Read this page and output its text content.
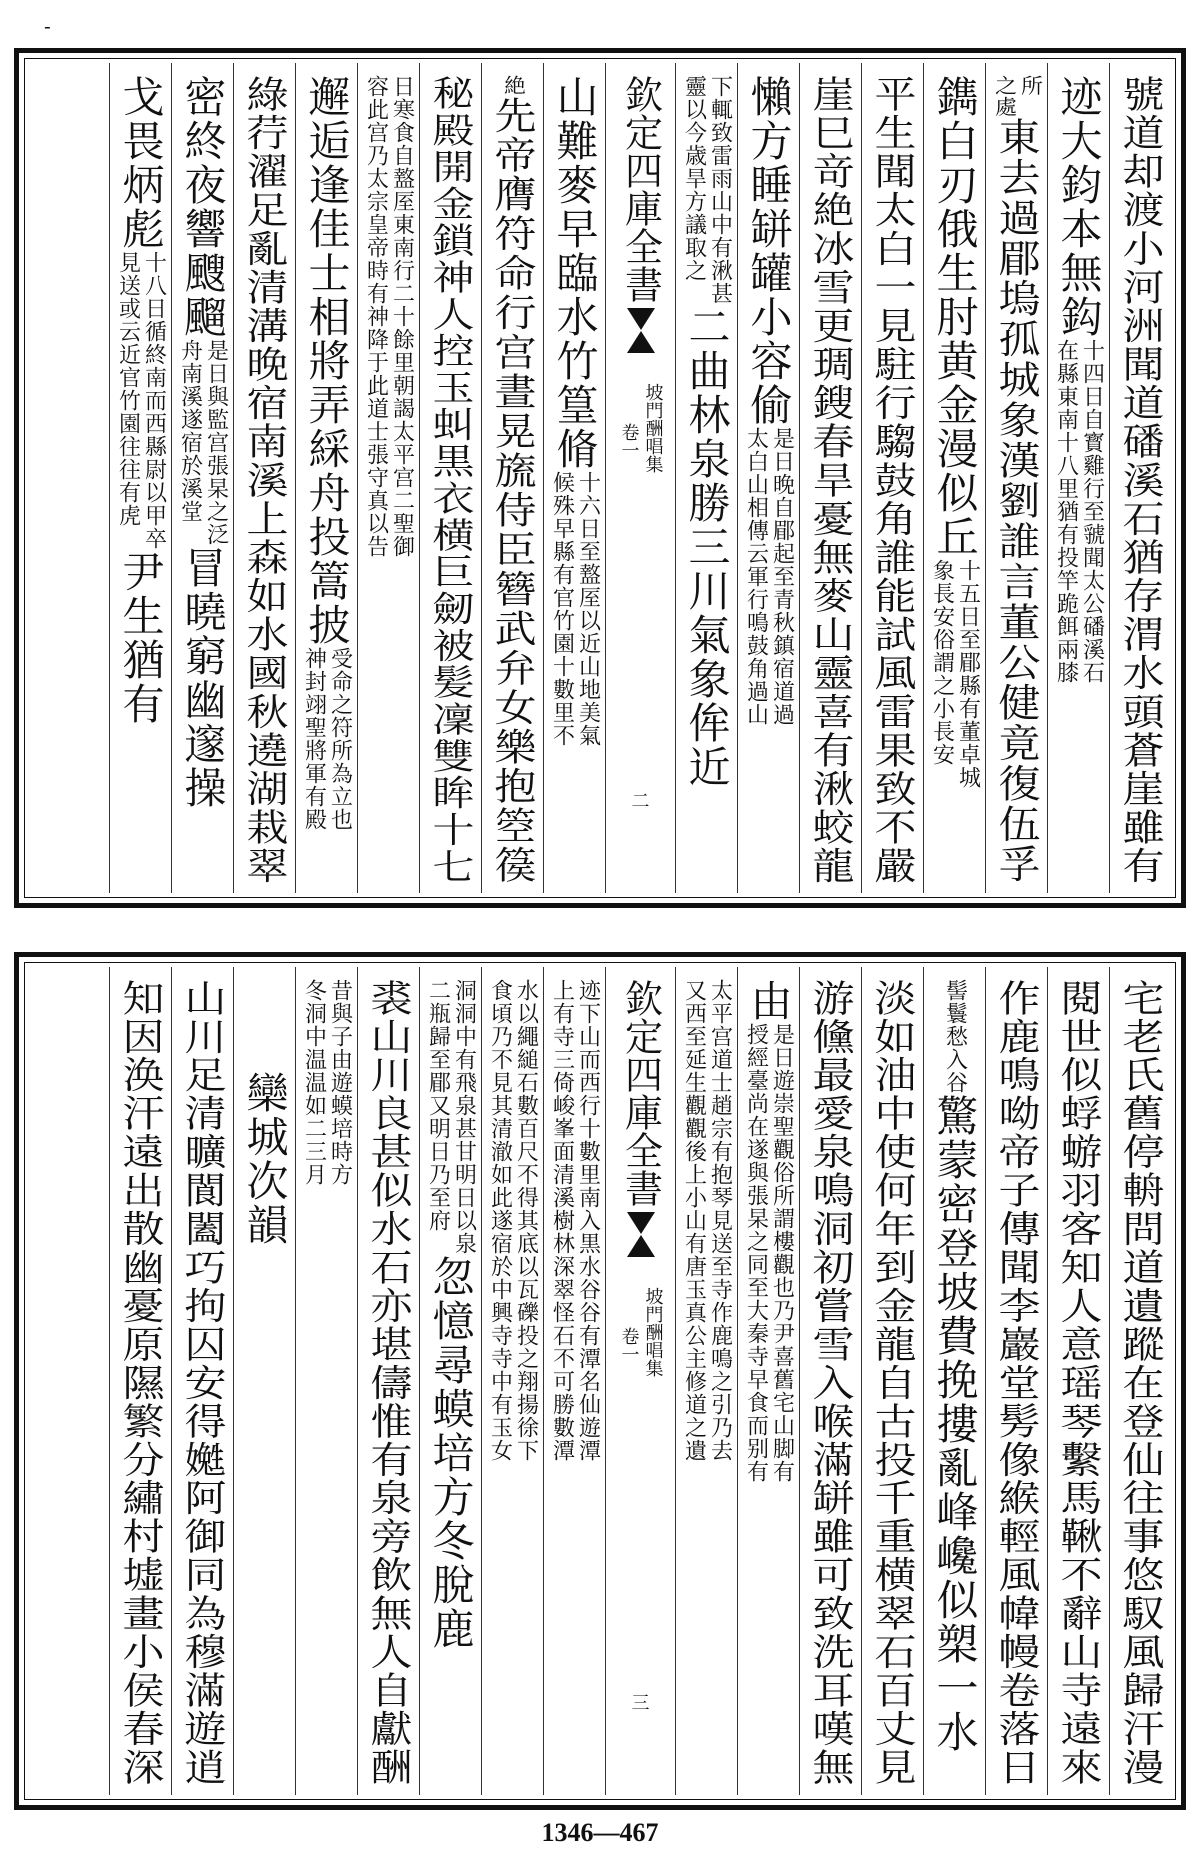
-
號道却渡小河洲聞道磻溪石猶存渭水頭蒼崖雖有
迹大鈞本無鈎
十四日自寳雞行至虢聞太公磻溪石
在縣東南十八里猶有投竿跪餌兩膝
所
之處
東去過郿塢孤城象漢劉誰言董公健竟復伍孚
鐫白刃俄生肘黄金漫似丘
十五日至郿縣有董卓城
象長安俗謂之小長安
平生聞太白一見駐行騶鼓角誰能試風雷果致不嚴
崖巳竒絶冰雪更琱鎪春旱憂無麥山靈喜有湫蛟龍
懶方睡缾罐小容偷
是日晚自郿起至青秋鎮宿道過
太白山相傳云軍行鳴鼓角過山
下輒致雷雨山中有湫甚
靈以今歳旱方議取之
二曲林泉勝三川氣象侔近
欽定四庫全書
坡門酬唱集
卷一
二
山難麥早臨水竹篁脩
十六日至盩厔以近山地美氣
候殊早縣有官竹園十數里不
絶
先帝膺符命行宫晝晃旒侍臣簪武弁女樂抱箜篌
秘殿開金鎖神人控玉虯黒衣横巨劒被髪凜雙眸
十七
日寒食自盩厔東南行二十餘里朝謁太平宫二聖御
容此宫乃太宗皇帝時有神降于此道士張守真以告
邂逅逢佳士相將弄綵舟投篙披
受命之符所為立也
神封翊聖將軍有殿
綠荇濯足亂清溝晚宿南溪上森如水國秋遶湖栽翠
密終夜響颼飀
是日與監宫張杲之泛
舟南溪遂宿於溪堂
冒曉窮幽邃操
戈畏炳彪
十八日循終南而西縣尉以甲卒
見送或云近官竹園往往有虎
尹生猶有
宅老氏舊停輈問道遺蹤在登仙往事悠馭風歸汗漫
閱世似蜉蝣羽客知人意瑶琴繫馬鞦不辭山寺遠來
作鹿鳴呦帝子傳聞李巖堂髣像緱輕風幃幔卷落日
髻鬟愁入谷
驚蒙密登坡費挽摟亂峰巉似槊一水
淡如油中使何年到金龍自古投千重横翠石百丈見
游儵最愛泉鳴洞初嘗雪入喉滿缾雖可致洗耳嘆無
由
是日遊崇聖觀俗所謂樓觀也乃尹喜舊宅山脚有
授經臺尚在遂與張杲之同至大秦寺早食而别有
太平宫道士趙宗有抱琴見送至寺作鹿鳴之引乃去
又西至延生觀觀後上小山有唐玉真公主修道之遺
欽定四庫全書
坡門酬唱集
卷一
三
迹下山而西行十數里南入黒水谷谷有潭名仙遊潭
上有寺三倚峻峯面清溪樹林深翠怪石不可勝數潭
水以繩縋石數百尺不得其底以瓦礫投之翔揚徐下
食頃乃不見其清澈如此遂宿於中興寺寺中有玉女
洞洞中有飛泉甚甘明日以泉
二瓶歸至郿又明日乃至府
忽憶尋蟆培方冬脫鹿
裘山川良甚似水石亦堪儔惟有泉旁飲無人自獻酬
昔與子由遊蟆培時方
冬洞中温温如二三月
欒城次韻
山川足清曠閬闔巧拘囚安得嬔阿御同為穆滿遊逍
知因涣汗遠出散幽憂原隰繁分繡村墟畫小侯春深
1346—467
